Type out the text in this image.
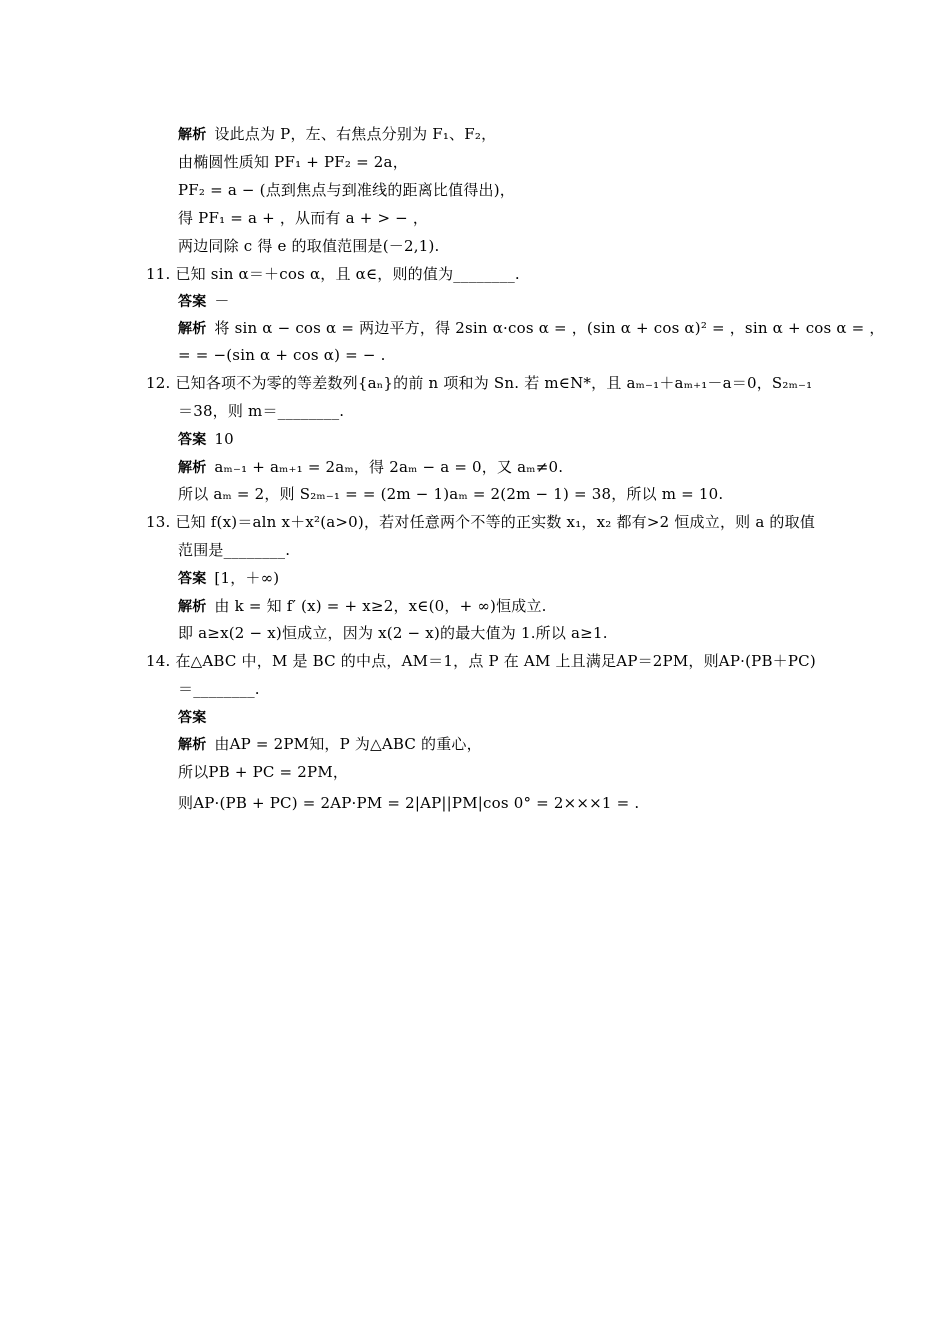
解析 设此点为 P，左、右焦点分别为 F₁、F₂，
由椭圆性质知 PF₁ + PF₂ = 2a，
PF₂ = a − (点到焦点与到准线的距离比值得出)，
得 PF₁ = a + ，从而有 a + > − ，
两边同除 c 得 e 的取值范围是(－2,1).
11. 已知 sin α＝＋cos α，且 α∈，则的值为________.
答案 －
解析 将 sin α − cos α = 两边平方，得 2sin α·cos α = ，(sin α + cos α)² = ，sin α + cos α = ，
= = −(sin α + cos α) = − .
12. 已知各项不为零的等差数列{aₙ}的前 n 项和为 Sn. 若 m∈N*，且 aₘ₋₁＋aₘ₊₁－a＝0，S₂ₘ₋₁
＝38，则 m＝________.
答案 10
解析 aₘ₋₁ + aₘ₊₁ = 2aₘ，得 2aₘ − a = 0，又 aₘ≠0.
所以 aₘ = 2，则 S₂ₘ₋₁ = = (2m − 1)aₘ = 2(2m − 1) = 38，所以 m = 10.
13. 已知 f(x)＝aln x＋x²(a>0)，若对任意两个不等的正实数 x₁，x₂ 都有>2 恒成立，则 a 的取值
范围是________.
答案 [1，＋∞)
解析 由 k = 知 f′ (x) = + x≥2，x∈(0，+ ∞)恒成立.
即 a≥x(2 − x)恒成立，因为 x(2 − x)的最大值为 1.所以 a≥1.
14. 在△ABC 中，M 是 BC 的中点，AM＝1，点 P 在 AM 上且满足AP＝2PM，则AP·(PB＋PC)
＝________.
答案
解析 由AP = 2PM知，P 为△ABC 的重心，
所以PB + PC = 2PM，
则AP·(PB + PC) = 2AP·PM = 2|AP||PM|cos 0° = 2×××1 = .
